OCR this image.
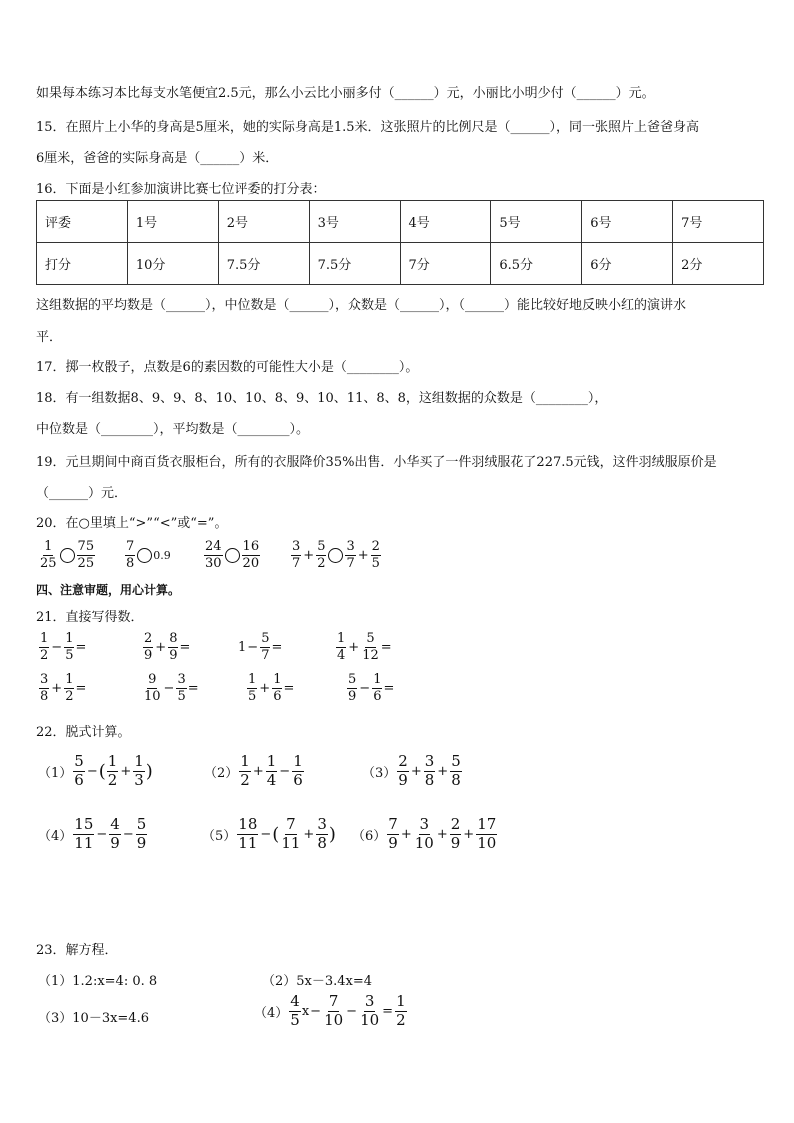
如果每本练习本比每支水笔便宜2.5元，那么小云比小丽多付（______）元，小丽比小明少付（______）元。
15．在照片上小华的身高是5厘米，她的实际身高是1.5米．这张照片的比例尺是（______），同一张照片上爸爸身高
6厘米，爸爸的实际身高是（______）米．
16．下面是小红参加演讲比赛七位评委的打分表：
评委	1号	2号	3号	4号	5号	6号	7号
打分	10分	7.5分	7.5分	7分	6.5分	6分	2分
这组数据的平均数是（______），中位数是（______），众数是（______），（______）能比较好地反映小红的演讲水
平．
17．掷一枚骰子，点数是6的素因数的可能性大小是（________）。
18．有一组数据8、9、9、8、10、10、8、9、10、11、8、8，这组数据的众数是（________），
中位数是（________），平均数是（________）。
19．元旦期间中商百货衣服柜台，所有的衣服降价35%出售．小华买了一件羽绒服花了227.5元钱，这件羽绒服原价是
（______）元．
20．在○里填上“>”“<”或“=”。
$\frac{1}{25} \frac{75}{25} \frac{7}{8} 0.9$	$\frac{24}{30} \frac{16}{20} \frac{3}{7} + \frac{5}{2} \frac{3}{7} + \frac{2}{5}$
四、注意审题，用心计算。
21．直接写得数．
$\frac{1}{2} - \frac{1}{5}$ =	$\frac{2}{9} + \frac{8}{9}$ =	$1 - \frac{5}{7}$ =	$\frac{1}{4} + \frac{5}{12}$ =
$\frac{3}{8} + \frac{1}{2}$ =	$\frac{9}{10} - \frac{3}{5}$ =	$\frac{1}{5} + \frac{1}{6}$ =	$\frac{5}{9} - \frac{1}{6}$ =
22．脱式计算。
$(1) \frac{5}{6}$ − ( $\frac{1}{2} + \frac{1}{3}$ )	$(2) \frac{1}{2} + \frac{1}{4} - \frac{1}{6}$	$(3) \frac{2}{9} + \frac{3}{8} + \frac{5}{8}$
$(4) \frac{15}{11} - \frac{4}{9} - \frac{5}{9}$	$(5) \frac{18}{11}$ − ( $\frac{7}{11} + \frac{3}{8}$ ) $(6) \frac{7}{9} + \frac{3}{10} + \frac{2}{9} + \frac{17}{10}$
23．解方程．
（1）1.2:x=4: 0. 8	（2）5x－3.4x=4
（3）10－3x=4.6	$(4) \frac{4}{5}$ $x - \frac{7}{10} - \frac{3}{10} = \frac{1}{2}$
